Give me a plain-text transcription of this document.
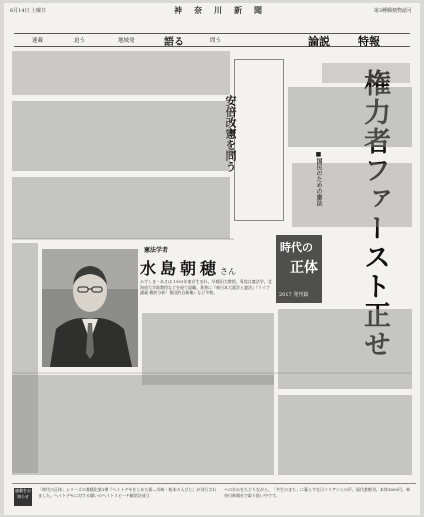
6月14日 土曜日	神　奈　川　新　聞	第3種郵便物認可
連載	迫う	地域発	語る	問う	論説	特報
権力者ファースト正せ
安倍改憲を問う
■国民のための憲法
時代の
正体
2017 発刊篇
憲法学者
水島朝穂さん
みずしま・あさほ 1953年東京生まれ。早稲田大教授。専攻は憲法学。北海道大学助教授などを経て現職。著書に『東日本大震災と憲法』『ライブ講義 徹底分析！集団的自衛権』など多数。
連載をお知らせ
「時代の正体」シリーズの書籍化第3弾『ヘイトデモをとめた街―川崎・桜本の人びと』が刊行されました。ヘイトデモに対する闘いのヘイトスピーチ解消法成立
への歩みをたどりながら、「共生のまち」に暮らす在日コリアンらの声。現代書館刊。本体1600円。神奈川新聞社で取り扱い中です。
